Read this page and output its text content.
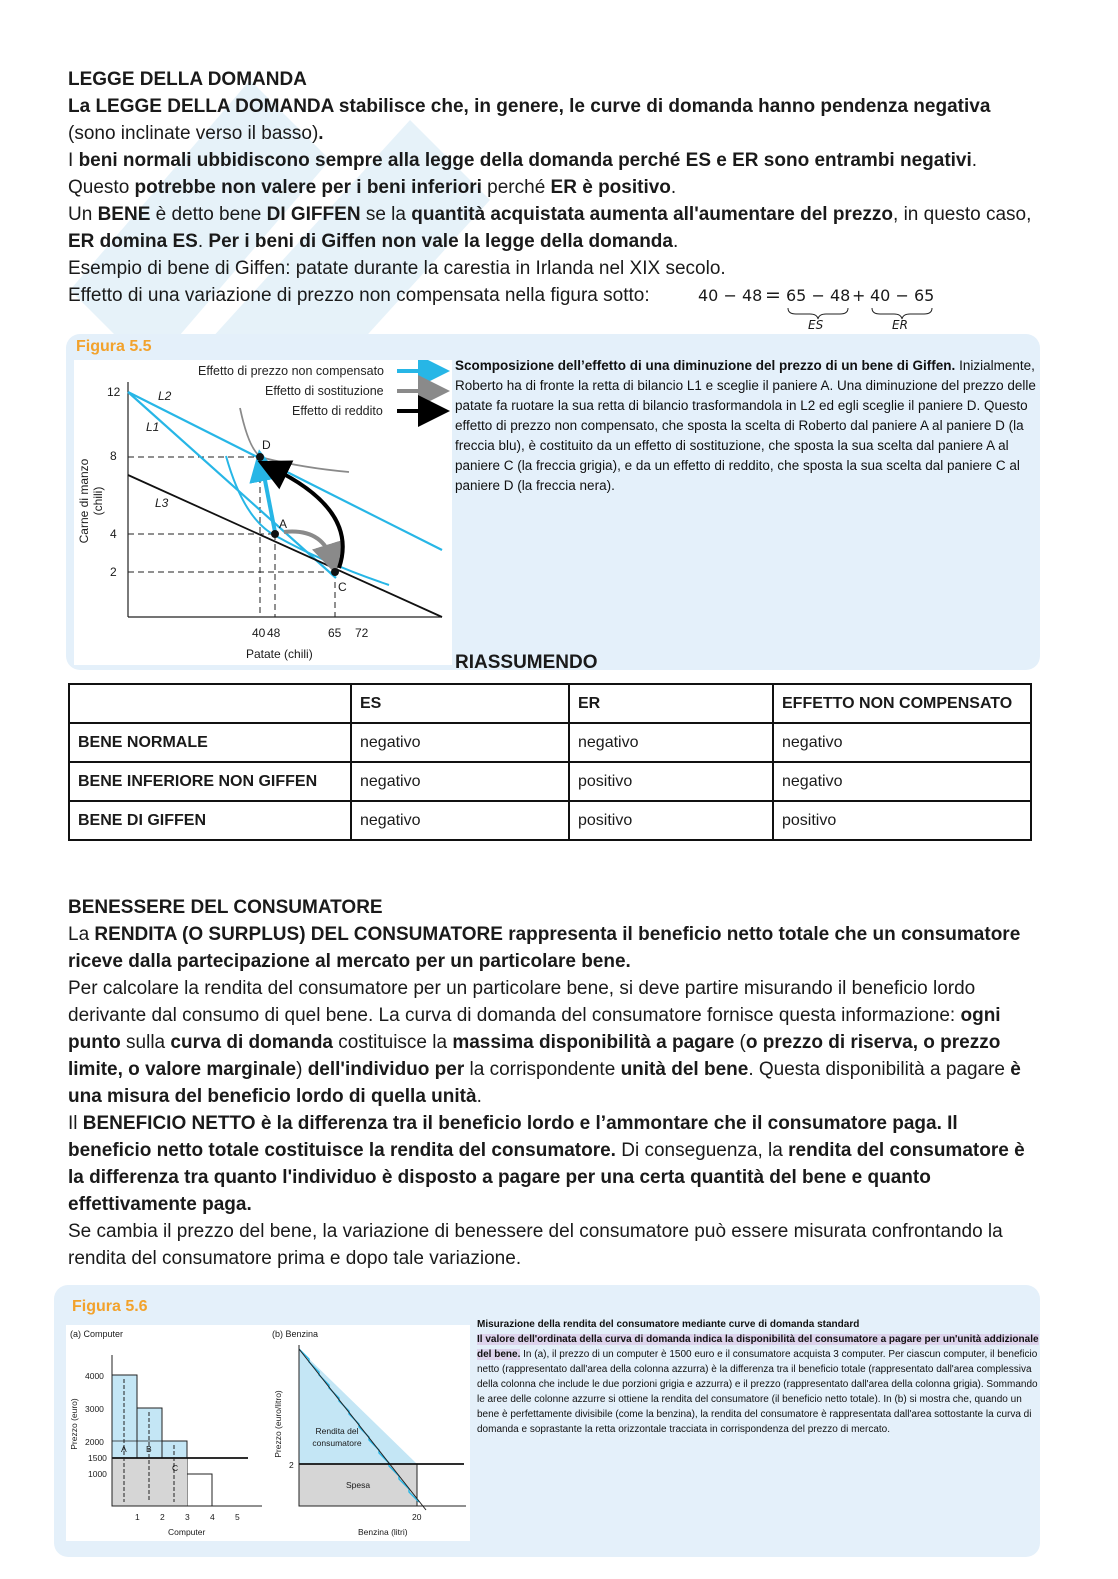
LEGGE DELLA DOMANDA
La LEGGE DELLA DOMANDA stabilisce che, in genere, le curve di domanda hanno pendenza negativa (sono inclinate verso il basso).
I beni normali ubbidiscono sempre alla legge della domanda perché ES e ER sono entrambi negativi. Questo potrebbe non valere per i beni inferiori perché ER è positivo.
Un BENE è detto bene DI GIFFEN se la quantità acquistata aumenta all'aumentare del prezzo, in questo caso, ER domina ES. Per i beni di Giffen non vale la legge della domanda.
Esempio di bene di Giffen: patate durante la carestia in Irlanda nel XIX secolo.
Effetto di una variazione di prezzo non compensata nella figura sotto:	40 − 48 = 65 − 48 + 40 − 65
ES	ER
Figura 5.5
Effetto di prezzo non compensato
Effetto di sostituzione
Effetto di reddito
Carne di manzo (chili)
Patate (chili)
12
8
4
2
40 48	65 72
L2
L1
L3
D
A
C
Scomposizione dell’effetto di una diminuzione del prezzo di un bene di Giffen. Inizialmente, Roberto ha di fronte la retta di bilancio L1 e sceglie il paniere A. Una diminuzione del prezzo delle patate fa ruotare la sua retta di bilancio trasformandola in L2 ed egli sceglie il paniere D. Questo effetto di prezzo non compensato, che sposta la scelta di Roberto dal paniere A al paniere D (la freccia blu), è costituito da un effetto di sostituzione, che sposta la sua scelta dal paniere A al paniere C (la freccia grigia), e da un effetto di reddito, che sposta la sua scelta dal paniere C al paniere D (la freccia nera).
RIASSUMENDO
	ES	ER	EFFETTO NON COMPENSATO
BENE NORMALE	negativo	negativo	negativo
BENE INFERIORE NON GIFFEN	negativo	positivo	negativo
BENE DI GIFFEN	negativo	positivo	positivo
BENESSERE DEL CONSUMATORE
La RENDITA (O SURPLUS) DEL CONSUMATORE rappresenta il beneficio netto totale che un consumatore riceve dalla partecipazione al mercato per un particolare bene.
Per calcolare la rendita del consumatore per un particolare bene, si deve partire misurando il beneficio lordo derivante dal consumo di quel bene. La curva di domanda del consumatore fornisce questa informazione: ogni punto sulla curva di domanda costituisce la massima disponibilità a pagare (o prezzo di riserva, o prezzo limite, o valore marginale) dell'individuo per la corrispondente unità del bene. Questa disponibilità a pagare è una misura del beneficio lordo di quella unità.
Il BENEFICIO NETTO è la differenza tra il beneficio lordo e l’ammontare che il consumatore paga. Il beneficio netto totale costituisce la rendita del consumatore. Di conseguenza, la rendita del consumatore è la differenza tra quanto l'individuo è disposto a pagare per una certa quantità del bene e quanto effettivamente paga.
Se cambia il prezzo del bene, la variazione di benessere del consumatore può essere misurata confrontando la rendita del consumatore prima e dopo tale variazione.
Figura 5.6
(a) Computer	(b) Benzina
Prezzo (euro)
Computer
4000
3000
2000
1500
1000
1 2 3 4 5
A B
C
Prezzo (euro/litro)
Benzina (litri)
2
20
Rendita del consumatore
Spesa
Misurazione della rendita del consumatore mediante curve di domanda standard
Il valore dell'ordinata della curva di domanda indica la disponibilità del consumatore a pagare per un'unità addizionale del bene. In (a), il prezzo di un computer è 1500 euro e il consumatore acquista 3 computer. Per ciascun computer, il beneficio netto (rappresentato dall'area della colonna azzurra) è la differenza tra il beneficio totale (rappresentato dall'area complessiva della colonna che include le due porzioni grigia e azzurra) e il prezzo (rappresentato dall'area della colonna grigia). Sommando le aree delle colonne azzurre si ottiene la rendita del consumatore (il beneficio netto totale). In (b) si mostra che, quando un bene è perfettamente divisibile (come la benzina), la rendita del consumatore è rappresentata dall'area sottostante la curva di domanda e soprastante la retta orizzontale tracciata in corrispondenza del prezzo di mercato.
